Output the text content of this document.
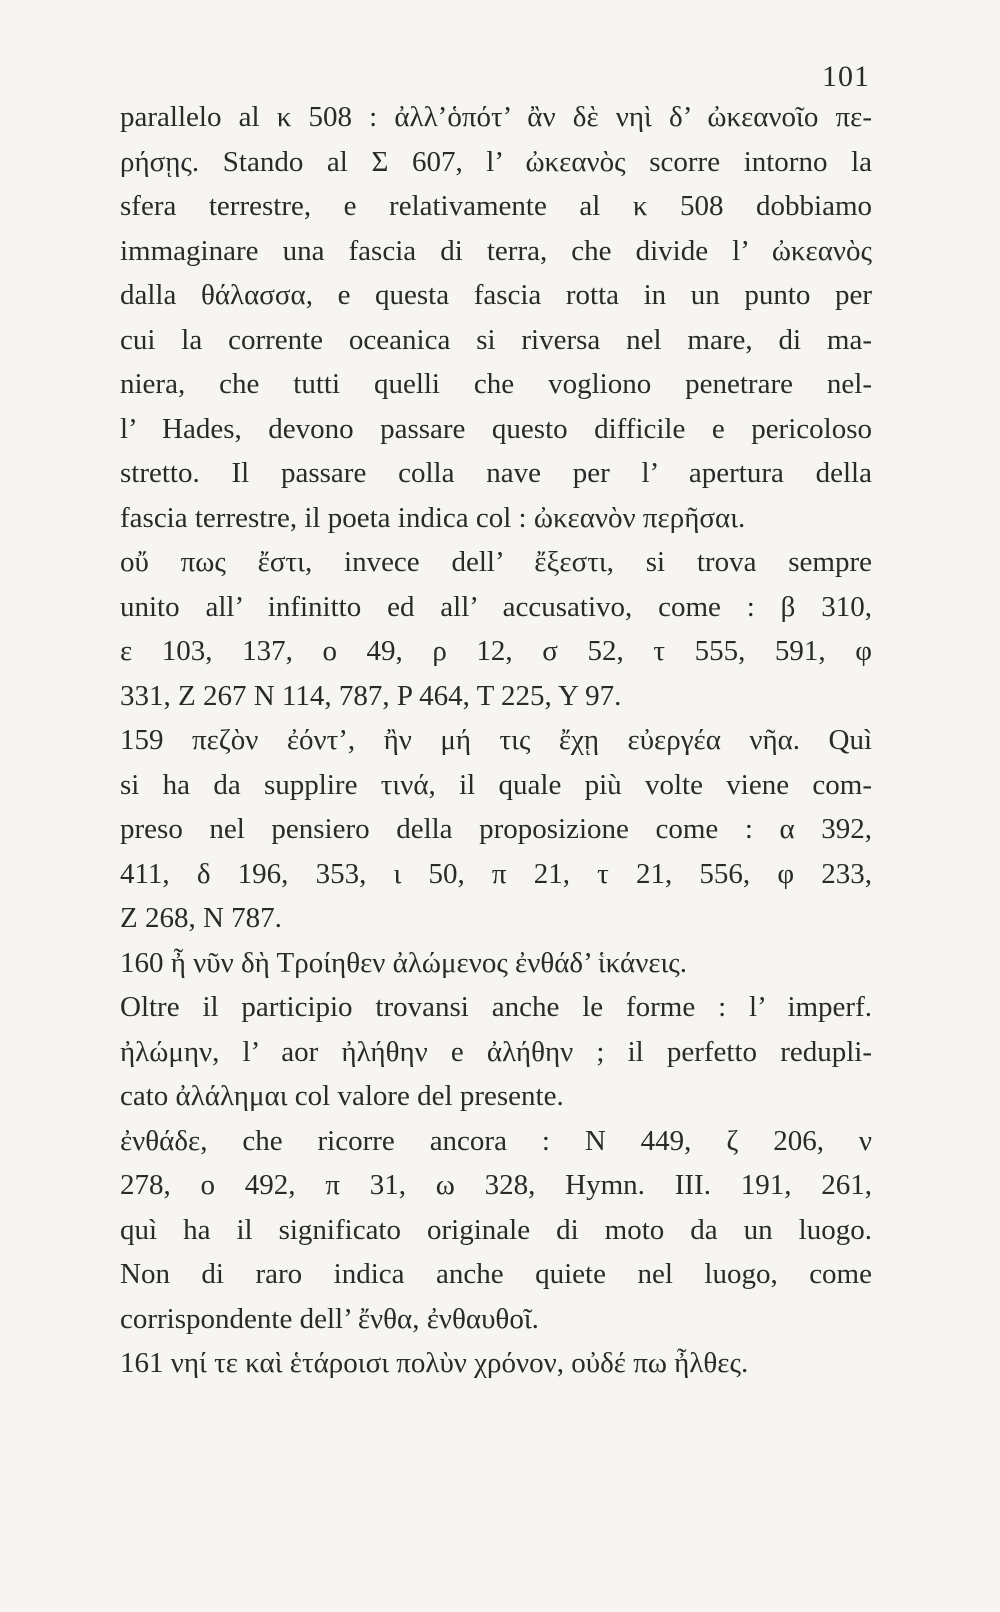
101
parallelo al κ 508 : ἀλλ’ὁπότ’ ἂν δὲ νηὶ δ’ ὠκεανοῖο πε-
ρήσῃς. Stando al Σ 607, l’ ὠκεανὸς scorre intorno la
sfera terrestre, e relativamente al κ 508 dobbiamo
immaginare una fascia di terra, che divide l’ ὠκεανὸς
dalla θάλασσα, e questa fascia rotta in un punto per
cui la corrente oceanica si riversa nel mare, di ma-
niera, che tutti quelli che vogliono penetrare nel-
l’ Hades, devono passare questo difficile e pericoloso
stretto. Il passare colla nave per l’ apertura della
fascia terrestre, il poeta indica col : ὠκεανὸν περῆσαι.
οὔ πως ἔστι, invece dell’ ἔξεστι, si trova sempre
unito all’ infinitto ed all’ accusativo, come : β 310,
ε 103, 137, ο 49, ρ 12, σ 52, τ 555, 591, φ
331, Z 267 N 114, 787, P 464, T 225, Y 97.
159 πεζὸν ἐόντ’, ἢν μή τις ἔχῃ εὐεργέα νῆα. Quì
si ha da supplire τινά, il quale più volte viene com-
preso nel pensiero della proposizione come : α 392,
411, δ 196, 353, ι 50, π 21, τ 21, 556, φ 233,
Z 268, N 787.
160 ἦ νῦν δὴ Τροίηθεν ἀλώμενος ἐνθάδ’ ἱκάνεις.
Oltre il participio trovansi anche le forme : l’ imperf.
ἠλώμην, l’ aor ἠλήθην e ἀλήθην ; il perfetto redupli-
cato ἀλάλημαι col valore del presente.
ἐνθάδε, che ricorre ancora : N 449, ζ 206, ν
278, ο 492, π 31, ω 328, Hymn. III. 191, 261,
quì ha il significato originale di moto da un luogo.
Non di raro indica anche quiete nel luogo, come
corrispondente dell’ ἔνθα, ἐνθαυθοῖ.
161 νηί τε καὶ ἑτάροισι πολὺν χρόνον, οὐδέ πω ἦλθες.
